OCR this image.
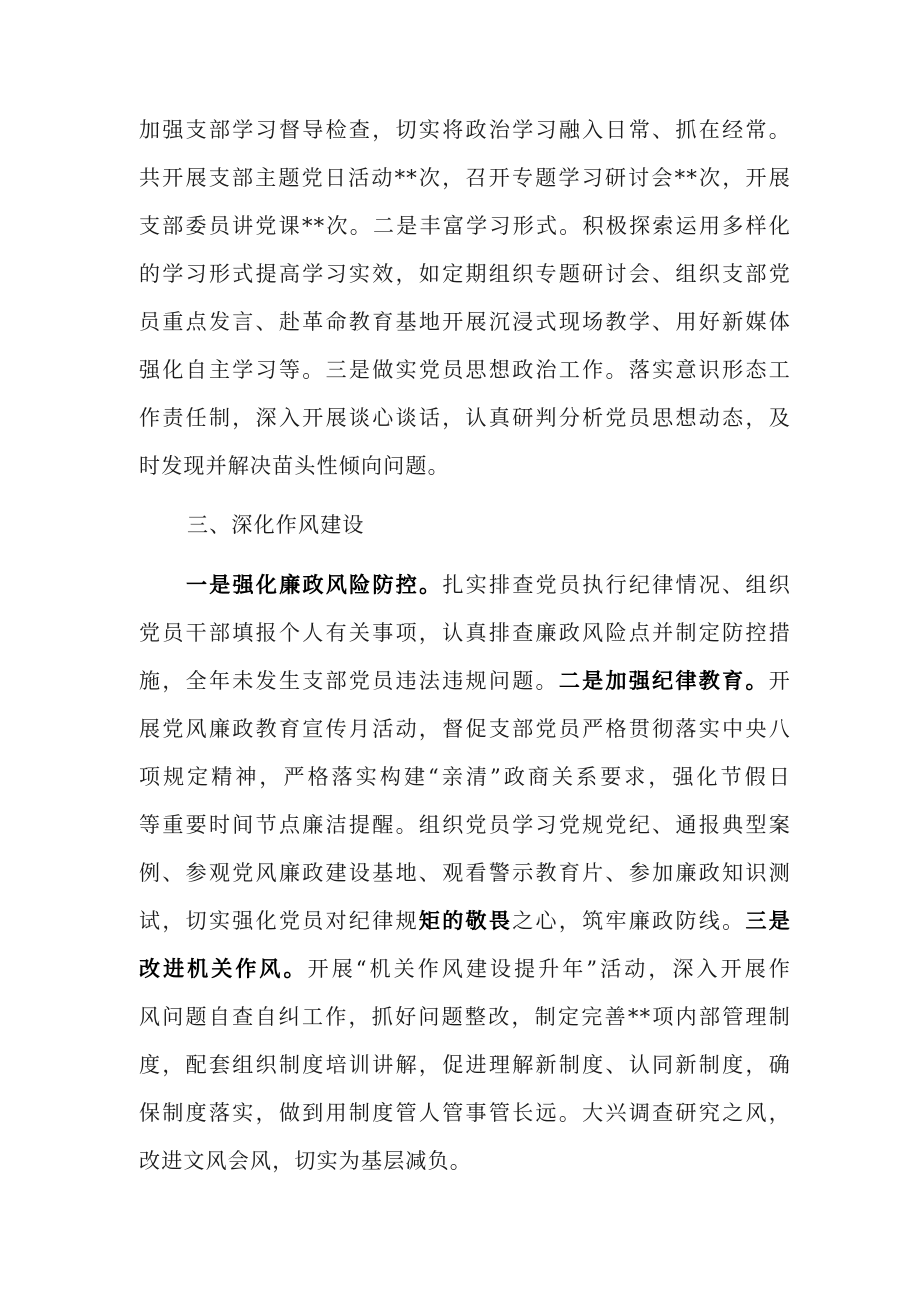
加强支部学习督导检查，切实将政治学习融入日常、抓在经常。
共开展支部主题党日活动**次，召开专题学习研讨会**次，开展
支部委员讲党课**次。二是丰富学习形式。积极探索运用多样化
的学习形式提高学习实效，如定期组织专题研讨会、组织支部党
员重点发言、赴革命教育基地开展沉浸式现场教学、用好新媒体
强化自主学习等。三是做实党员思想政治工作。落实意识形态工
作责任制，深入开展谈心谈话，认真研判分析党员思想动态，及
时发现并解决苗头性倾向问题。
三、深化作风建设
一是强化廉政风险防控。扎实排查党员执行纪律情况、组织
党员干部填报个人有关事项，认真排查廉政风险点并制定防控措
施，全年未发生支部党员违法违规问题。二是加强纪律教育。开
展党风廉政教育宣传月活动，督促支部党员严格贯彻落实中央八
项规定精神，严格落实构建“亲清”政商关系要求，强化节假日
等重要时间节点廉洁提醒。组织党员学习党规党纪、通报典型案
例、参观党风廉政建设基地、观看警示教育片、参加廉政知识测
试，切实强化党员对纪律规矩的敬畏之心，筑牢廉政防线。三是
改进机关作风。开展“机关作风建设提升年”活动，深入开展作
风问题自查自纠工作，抓好问题整改，制定完善**项内部管理制
度，配套组织制度培训讲解，促进理解新制度、认同新制度，确
保制度落实，做到用制度管人管事管长远。大兴调查研究之风，
改进文风会风，切实为基层减负。
